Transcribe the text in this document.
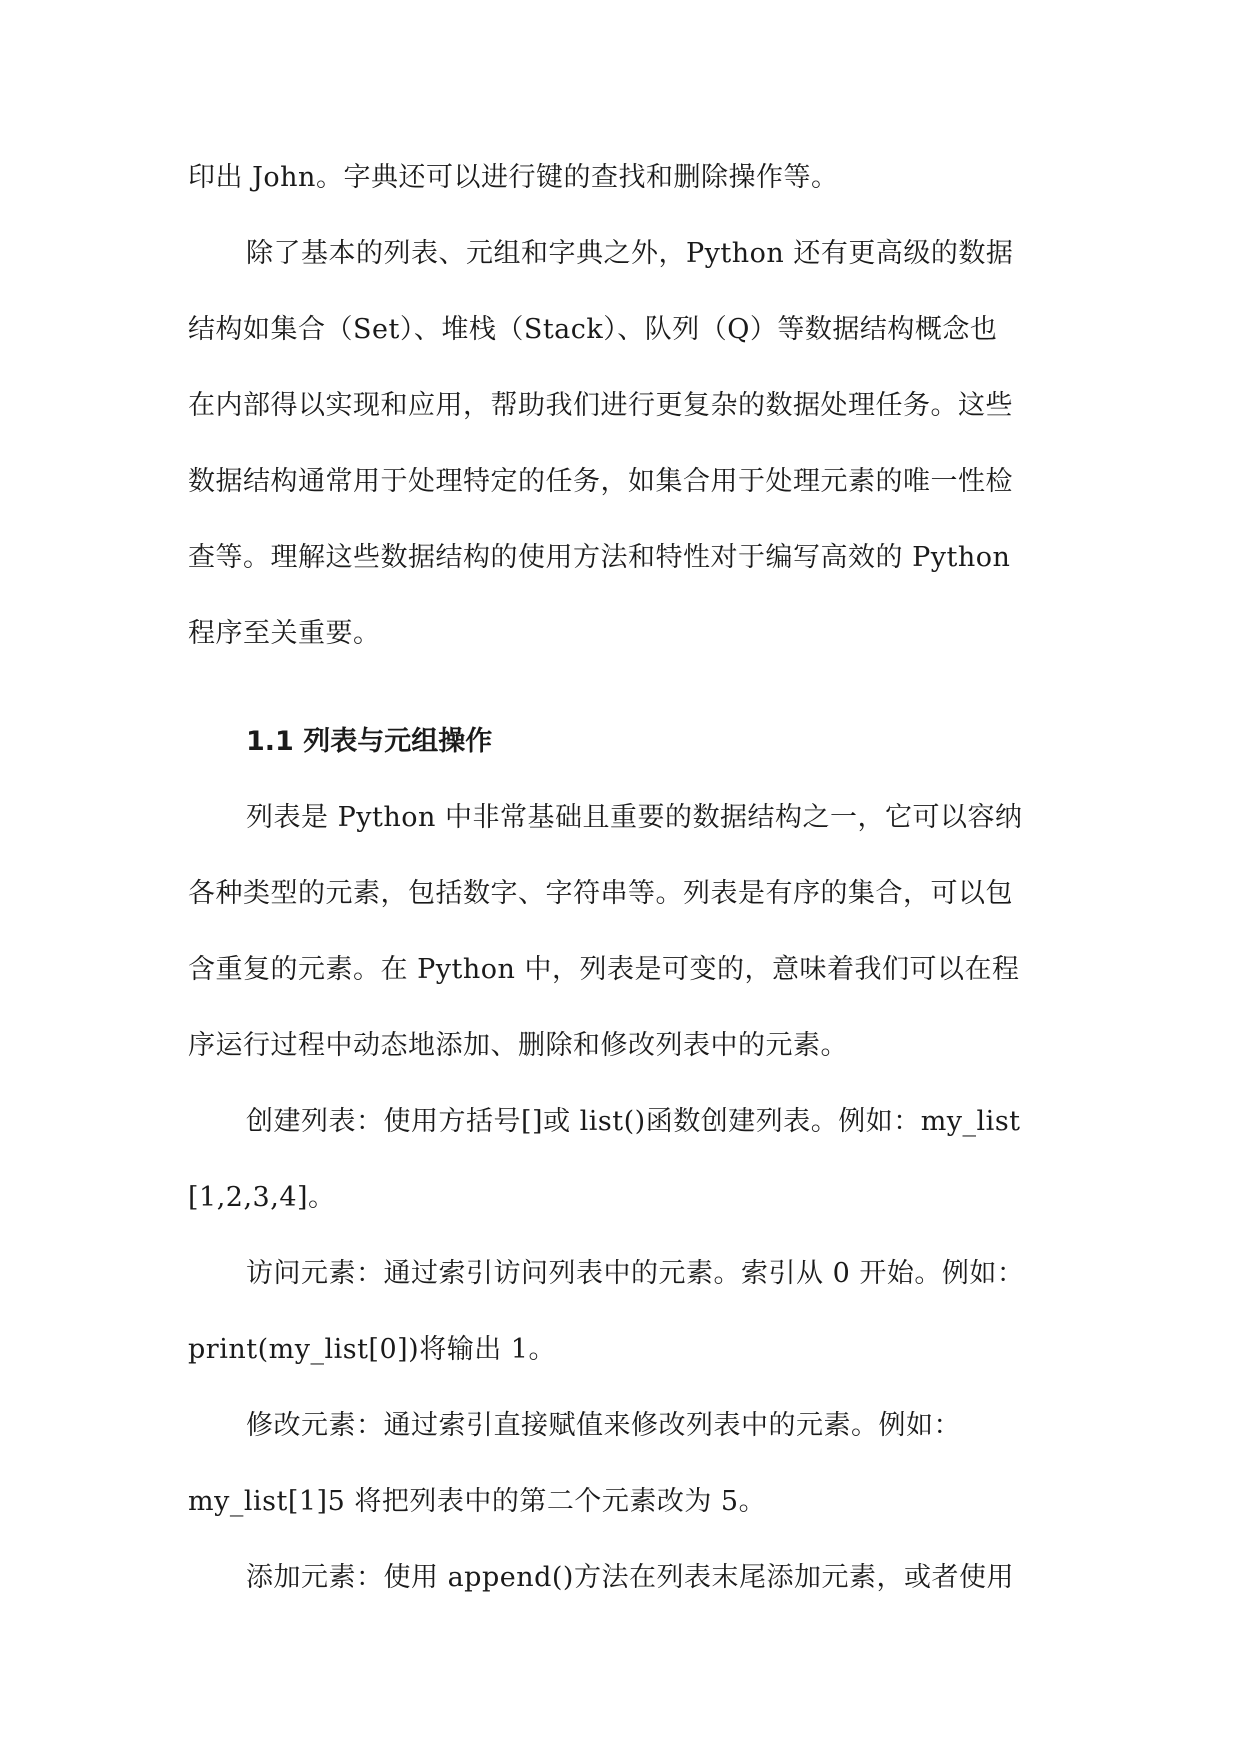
印出 John。字典还可以进行键的查找和删除操作等。
除了基本的列表、元组和字典之外，Python 还有更高级的数据
结构如集合（Set）、堆栈（Stack）、队列（Q）等数据结构概念也
在内部得以实现和应用，帮助我们进行更复杂的数据处理任务。这些
数据结构通常用于处理特定的任务，如集合用于处理元素的唯一性检
查等。理解这些数据结构的使用方法和特性对于编写高效的 Python
程序至关重要。
1.1 列表与元组操作
列表是 Python 中非常基础且重要的数据结构之一，它可以容纳
各种类型的元素，包括数字、字符串等。列表是有序的集合，可以包
含重复的元素。在 Python 中，列表是可变的，意味着我们可以在程
序运行过程中动态地添加、删除和修改列表中的元素。
创建列表：使用方括号[]或 list()函数创建列表。例如：my_list
[1,2,3,4]。
访问元素：通过索引访问列表中的元素。索引从 0 开始。例如：
print(my_list[0])将输出 1。
修改元素：通过索引直接赋值来修改列表中的元素。例如：
my_list[1]5 将把列表中的第二个元素改为 5。
添加元素：使用 append()方法在列表末尾添加元素，或者使用
